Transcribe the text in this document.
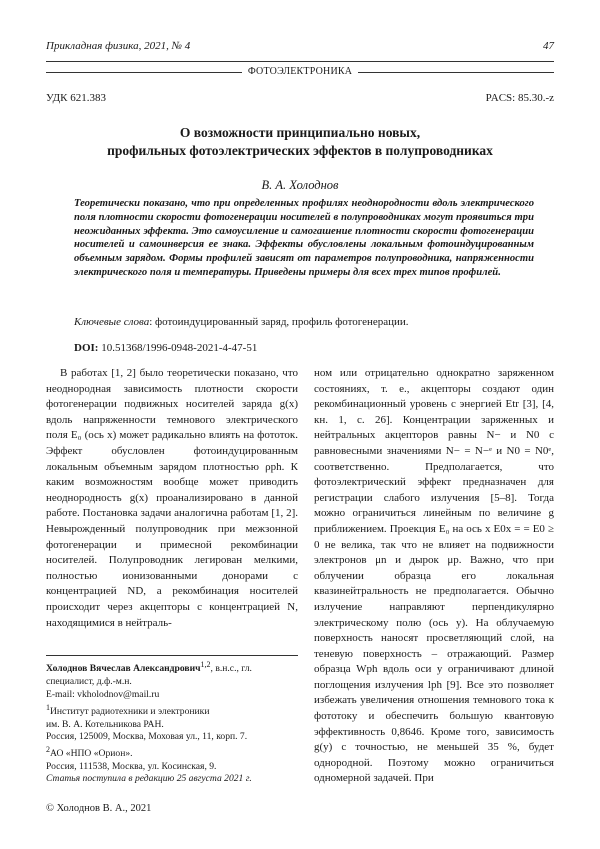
Прикладная физика, 2021, № 4	47
ФОТОЭЛЕКТРОНИКА
УДК 621.383	PACS: 85.30.-z
О возможности принципиально новых,
профильных фотоэлектрических эффектов в полупроводниках
В. А. Холоднов
Теоретически показано, что при определенных профилях неоднородности вдоль электрического поля плотности скорости фотогенерации носителей в полупроводниках могут проявиться три неожиданных эффекта. Это самоусиление и самогашение плотности скорости фотогенерации носителей и самоинверсия ее знака. Эффекты обусловлены локальным фотоиндуцированным объемным зарядом. Формы профилей зависят от параметров полупроводника, напряженности электрического поля и температуры. Приведены примеры для всех трех типов профилей.
Ключевые слова: фотоиндуцированный заряд, профиль фотогенерации.
DOI: 10.51368/1996-0948-2021-4-47-51

В работах [1, 2] было теоретически показано, что неоднородная зависимость плотности скорости фотогенерации подвижных носителей заряда g(x) вдоль напряженности темнового электрического поля E₀ (ось x) может радикально влиять на фототок. Эффект обусловлен фотоиндуцированным локальным объемным зарядом плотностью ρph. К каким возможностям вообще может приводить неоднородность g(x) проанализировано в данной работе. Постановка задачи аналогична работам [1, 2]. Невырожденный полупроводник при межзонной фотогенерации и примесной рекомбинации носителей. Полупроводник легирован мелкими, полностью ионизованными донорами с концентрацией ND, а рекомбинация носителей происходит через акцепторы с концентрацией N, находящимися в нейтраль-

ном или отрицательно однократно заряженном состояниях, т. е., акцепторы создают один рекомбинационный уровень с энергией Etr [3], [4, кн. 1, с. 26]. Концентрации заряженных и нейтральных акцепторов равны N− и N0 с равновесными значениями N− = N−ᵉ и N0 = N0ᵉ, соответственно. Предполагается, что фотоэлектрический эффект предназначен для регистрации слабого излучения [5–8]. Тогда можно ограничиться линейным по величине g приближением. Проекция E₀ на ось x E0x = = E0 ≥ 0 не велика, так что не влияет на подвижности электронов μn и дырок μp. Важно, что при облучении образца его локальная квазинейтральность не предполагается. Обычно излучение направляют перпендикулярно электрическому полю (ось y). На облучаемую поверхность наносят просветляющий слой, на теневую поверхность – отражающий. Размер образца Wph вдоль оси y ограничивают длиной поглощения излучения lph [9]. Все это позволяет избежать увеличения отношения темнового тока к фототоку и обеспечить большую квантовую эффективность 0,8646. Кроме того, зависимость g(y) с точностью, не меньшей 35 %, будет однородной. Поэтому можно ограничиться одномерной задачей. При

Холоднов Вячеслав Александрович$^{1,2}$, в.н.с., гл. специалист, д.ф.-м.н.
E-mail: vkholodnov@mail.ru
$^1$Институт радиотехники и электроники
им. В. А. Котельникова РАН.
Россия, 125009, Москва, Моховая ул., 11, корп. 7.
$^2$АО «НПО «Орион».
Россия, 111538, Москва, ул. Косинская, 9.
Статья поступила в редакцию 25 августа 2021 г.
© Холоднов В. А., 2021
